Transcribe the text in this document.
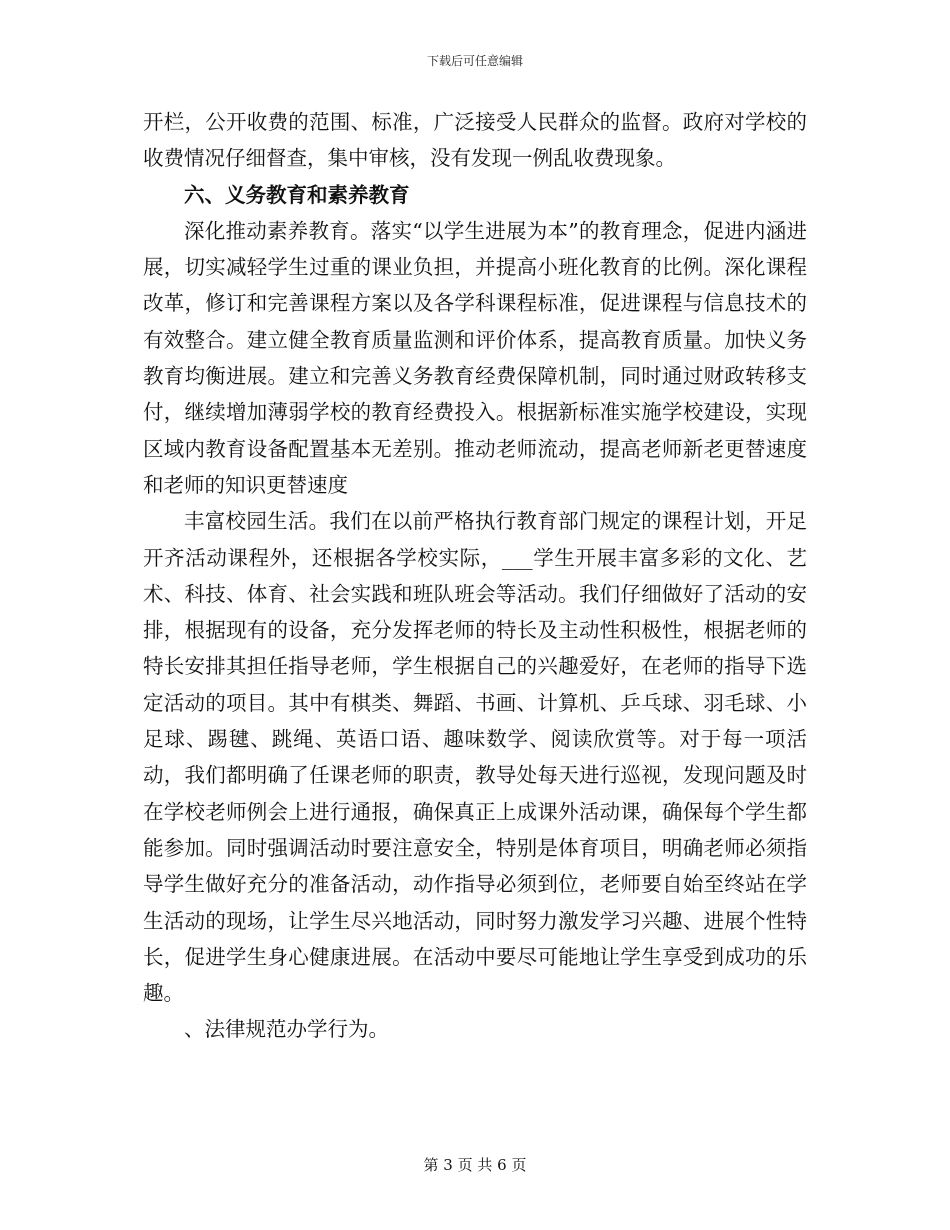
下载后可任意编辑

开栏，公开收费的范围、标准，广泛接受人民群众的监督。政府对学校的收费情况仔细督查，集中审核，没有发现一例乱收费现象。

六、义务教育和素养教育

深化推动素养教育。落实“以学生进展为本”的教育理念，促进内涵进展，切实减轻学生过重的课业负担，并提高小班化教育的比例。深化课程改革，修订和完善课程方案以及各学科课程标准，促进课程与信息技术的有效整合。建立健全教育质量监测和评价体系，提高教育质量。加快义务教育均衡进展。建立和完善义务教育经费保障机制，同时通过财政转移支付，继续增加薄弱学校的教育经费投入。根据新标准实施学校建设，实现区域内教育设备配置基本无差别。推动老师流动，提高老师新老更替速度和老师的知识更替速度

丰富校园生活。我们在以前严格执行教育部门规定的课程计划，开足开齐活动课程外，还根据各学校实际，___学生开展丰富多彩的文化、艺术、科技、体育、社会实践和班队班会等活动。我们仔细做好了活动的安排，根据现有的设备，充分发挥老师的特长及主动性积极性，根据老师的特长安排其担任指导老师，学生根据自己的兴趣爱好，在老师的指导下选定活动的项目。其中有棋类、舞蹈、书画、计算机、乒乓球、羽毛球、小足球、踢毽、跳绳、英语口语、趣味数学、阅读欣赏等。对于每一项活动，我们都明确了任课老师的职责，教导处每天进行巡视，发现问题及时在学校老师例会上进行通报，确保真正上成课外活动课，确保每个学生都能参加。同时强调活动时要注意安全，特别是体育项目，明确老师必须指导学生做好充分的准备活动，动作指导必须到位，老师要自始至终站在学生活动的现场，让学生尽兴地活动，同时努力激发学习兴趣、进展个性特长，促进学生身心健康进展。在活动中要尽可能地让学生享受到成功的乐趣。

、法律规范办学行为。

第 3 页 共 6 页
